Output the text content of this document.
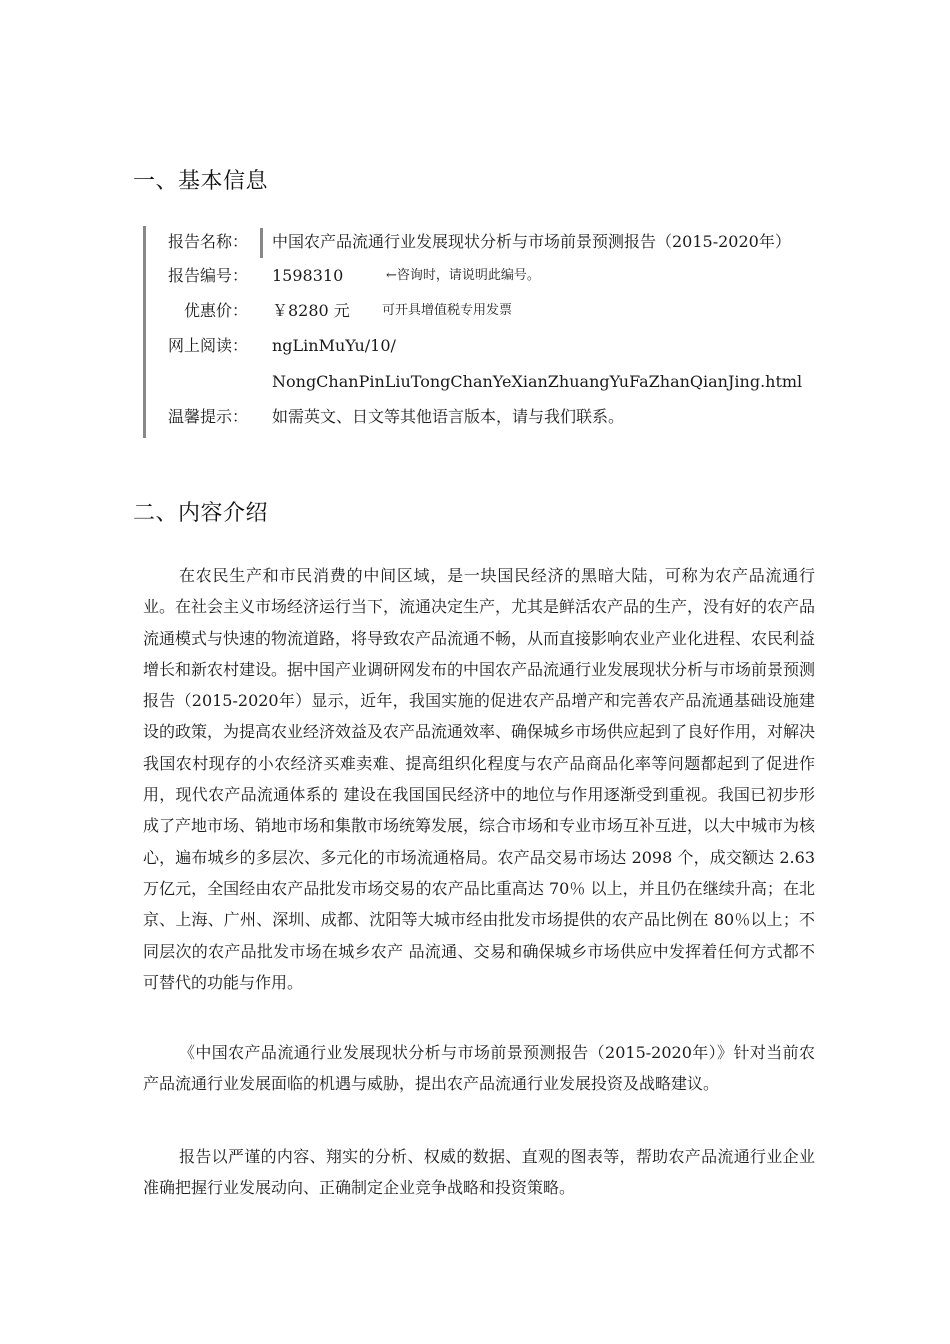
一、基本信息
报告名称： 中国农产品流通行业发展现状分析与市场前景预测报告（2015-2020年）
报告编号： 1598310	←咨询时，请说明此编号。
优惠价： ￥8280 元 可开具增值税专用发票
网上阅读： ngLinMuYu/10/
NongChanPinLiuTongChanYeXianZhuangYuFaZhanQianJing.html
温馨提示： 如需英文、日文等其他语言版本，请与我们联系。
二、内容介绍

在农民生产和市民消费的中间区域，是一块国民经济的黑暗大陆，可称为农产品流通行 业。在社会主义市场经济运行当下，流通决定生产，尤其是鲜活农产品的生产，没有好的农产品流通模式与快速的物流道路，将导致农产品流通不畅，从而直接影响农业产业化进程、农民利益增长和新农村建设。据中国产业调研网发布的中国农产品流通行业发展现状分析与市场前景预测报告（2015-2020年）显示，近年，我国实施的促进农产品增产和完善农产品流通基础设施建设的政策，为提高农业经济效益及农产品流通效率、确保城乡市场供应起到了良好作用，对解决我国农村现存的小农经济买难卖难、提高组织化程度与农产品商品化率等问题都起到了促进作用，现代农产品流通体系的 建设在我国国民经济中的地位与作用逐渐受到重视。我国已初步形成了产地市场、销地市场和集散市场统筹发展，综合市场和专业市场互补互进，以大中城市为核 心，遍布城乡的多层次、多元化的市场流通格局。农产品交易市场达 2098 个，成交额达 2.63 万亿元，全国经由农产品批发市场交易的农产品比重高达 70％ 以上，并且仍在继续升高；在北京、上海、广州、深圳、成都、沈阳等大城市经由批发市场提供的农产品比例在 80％以上；不同层次的农产品批发市场在城乡农产 品流通、交易和确保城乡市场供应中发挥着任何方式都不可替代的功能与作用。

《中国农产品流通行业发展现状分析与市场前景预测报告（2015-2020年）》针对当前农产品流通行业发展面临的机遇与威胁，提出农产品流通行业发展投资及战略建议。

报告以严谨的内容、翔实的分析、权威的数据、直观的图表等，帮助农产品流通行业企业准确把握行业发展动向、正确制定企业竞争战略和投资策略。
